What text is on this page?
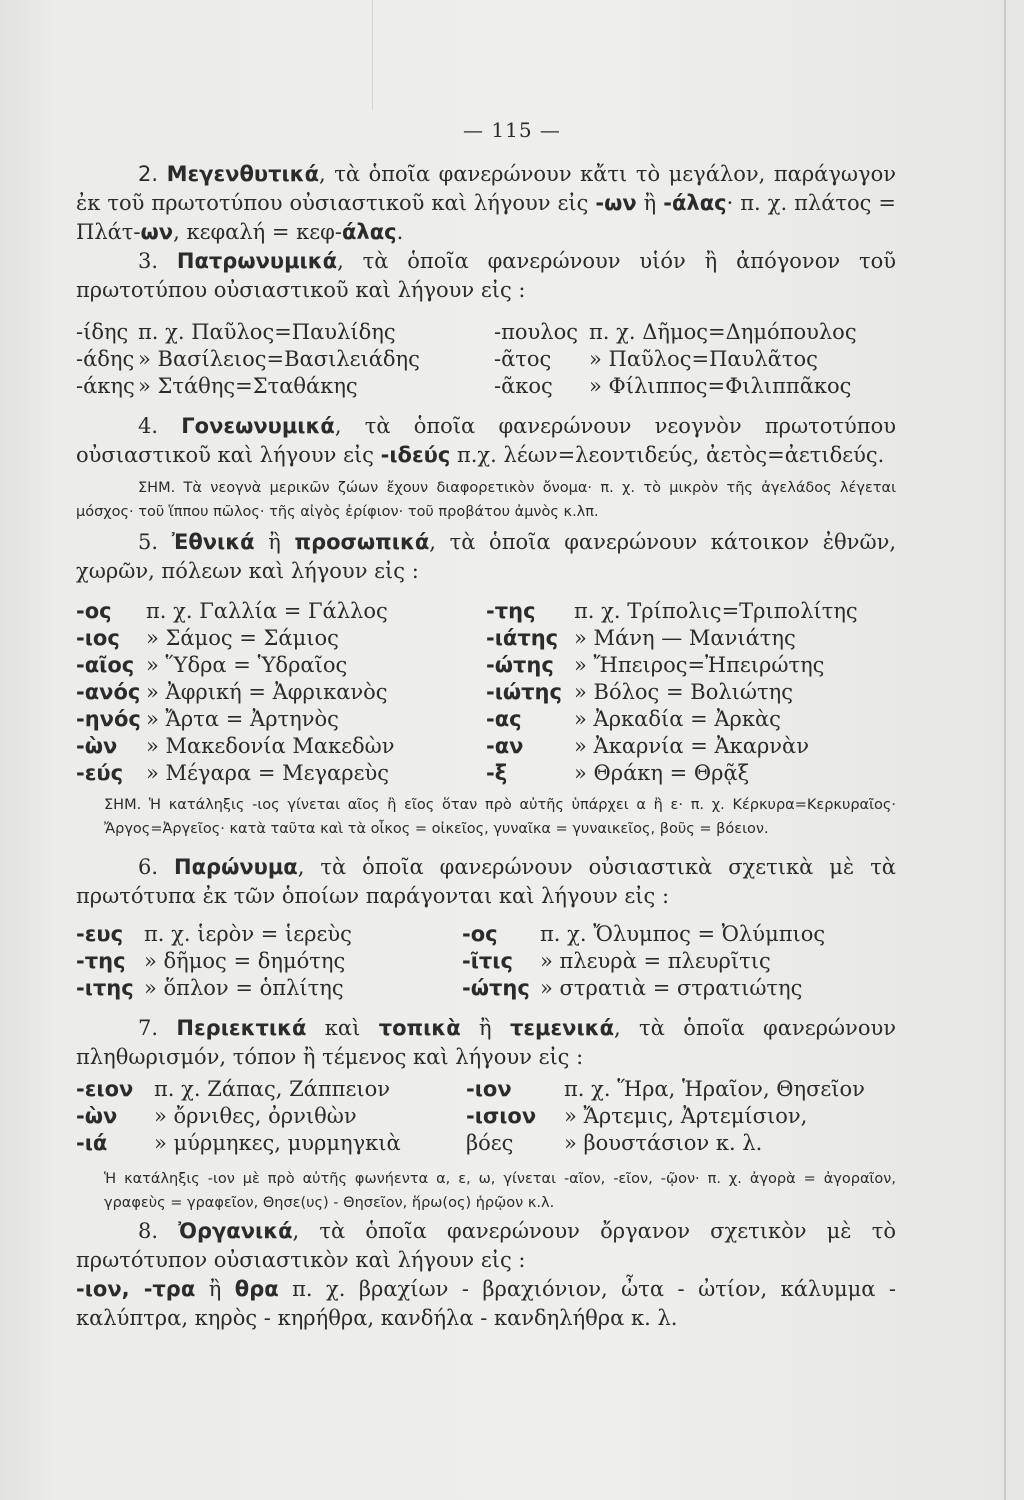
— 115 —

2. Μεγενθυτικά, τὰ ὁποῖα φανερώνουν κἄτι τὸ μεγάλον, παράγωγον ἐκ τοῦ πρωτοτύπου οὐσιαστικοῦ καὶ λήγουν εἰς -ων ἢ -άλας· π. χ. πλάτος = Πλάτ-ων, κεφαλή = κεφ-άλας.

3. Πατρωνυμικά, τὰ ὁποῖα φανερώνουν υἱόν ἢ ἀπόγονον τοῦ πρωτοτύπου οὐσιαστικοῦ καὶ λήγουν εἰς :

-ίδης π. χ. Παῦλος=Παυλίδης	-πουλος π. χ. Δῆμος=Δημόπουλος
-άδης » Βασίλειος=Βασιλειάδης	-ᾶτος	» Παῦλος=Παυλᾶτος
-άκης » Στάθης=Σταθάκης	-ᾶκος	» Φίλιππος=Φιλιππᾶκος

4. Γονεωνυμικά, τὰ ὁποῖα φανερώνουν νεογνὸν πρωτοτύπου οὐσιαστικοῦ καὶ λήγουν εἰς -ιδεύς π.χ. λέων=λεοντιδεύς, ἀετὸς=ἀετιδεύς.

ΣΗΜ. Τὰ νεογνὰ μερικῶν ζώων ἔχουν διαφορετικὸν ὄνομα· π. χ. τὸ μικρὸν τῆς ἀγελάδος λέγεται μόσχος· τοῦ ἵππου πῶλος· τῆς αἰγὸς ἐρίφιον· τοῦ προβάτου ἀμνὸς κ.λπ.

5. Ἐθνικά ἢ προσωπικά, τὰ ὁποῖα φανερώνουν κάτοικον ἐθνῶν, χωρῶν, πόλεων καὶ λήγουν εἰς :

-ος	π. χ. Γαλλία = Γάλλος	-της	π. χ. Τρίπολις=Τριπολίτης
-ιος	» Σάμος = Σάμιος	-ιάτης » Μάνη — Μανιάτης
-αῖος » Ὕδρα = Ὑδραῖος	-ώτης » Ἤπειρος=Ἠπειρώτης
-ανός » Ἀφρική = Ἀφρικανὸς	-ιώτης » Βόλος = Βολιώτης
-ηνός » Ἄρτα = Ἀρτηνὸς	-ας	» Ἀρκαδία = Ἀρκὰς
-ὼν	» Μακεδονία Μακεδὼν	-αν	» Ἀκαρνία = Ἀκαρνὰν
-εύς	» Μέγαρα = Μεγαρεὺς	-ξ	» Θράκη = Θρᾷξ

ΣΗΜ. Ἡ κατάληξις -ιος γίνεται αῖος ἢ εῖος ὅταν πρὸ αὐτῆς ὑπάρχει α ἢ ε· π. χ. Κέρκυρα=Κερκυραῖος· Ἄργος=Ἀργεῖος· κατὰ ταῦτα καὶ τὰ οἶκος = οἰκεῖος, γυναῖκα = γυναικεῖος, βοῦς = βόειον.

6. Παρώνυμα, τὰ ὁποῖα φανερώνουν οὐσιαστικὰ σχετικὰ μὲ τὰ πρωτότυπα ἐκ τῶν ὁποίων παράγονται καὶ λήγουν εἰς :

-ευς π. χ. ἱερὸν = ἱερεὺς	-ος	π. χ. Ὄλυμπος = Ὀλύμπιος
-της » δῆμος = δημότης	-ῖτις	» πλευρὰ = πλευρῖτις
-ιτης » ὅπλον = ὁπλίτης	-ώτης » στρατιὰ = στρατιώτης

7. Περιεκτικά καὶ τοπικὰ ἢ τεμενικά, τὰ ὁποῖα φανερώνουν πληθωρισμόν, τόπον ἢ τέμενος καὶ λήγουν εἰς :

-ειον π. χ. Ζάπας, Ζάππειον	-ιον	π. χ. Ἥρα, Ἡραῖον, Θησεῖον
-ὼν	» ὄρνιθες, ὀρνιθὼν	-ισιον	» Ἄρτεμις, Ἀρτεμίσιον,
-ιά	» μύρμηκες, μυρμηγκιὰ	βόες	» βουστάσιον κ. λ.

Ἡ κατάληξις -ιον μὲ πρὸ αὐτῆς φωνήεντα α, ε, ω, γίνεται -αῖον, -εῖον, -ῷον· π. χ. ἀγορὰ = ἀγοραῖον, γραφεὺς = γραφεῖον, Θησε(υς) - Θησεῖον, ἥρω(ος) ἡρῷον κ.λ.

8. Ὀργανικά, τὰ ὁποῖα φανερώνουν ὄργανον σχετικὸν μὲ τὸ πρωτότυπον οὐσιαστικὸν καὶ λήγουν εἰς :

-ιον, -τρα ἢ θρα π. χ. βραχίων - βραχιόνιον, ὦτα - ὠτίον, κάλυμμα - καλύπτρα, κηρὸς - κηρήθρα, κανδήλα - κανδηλήθρα κ. λ.
